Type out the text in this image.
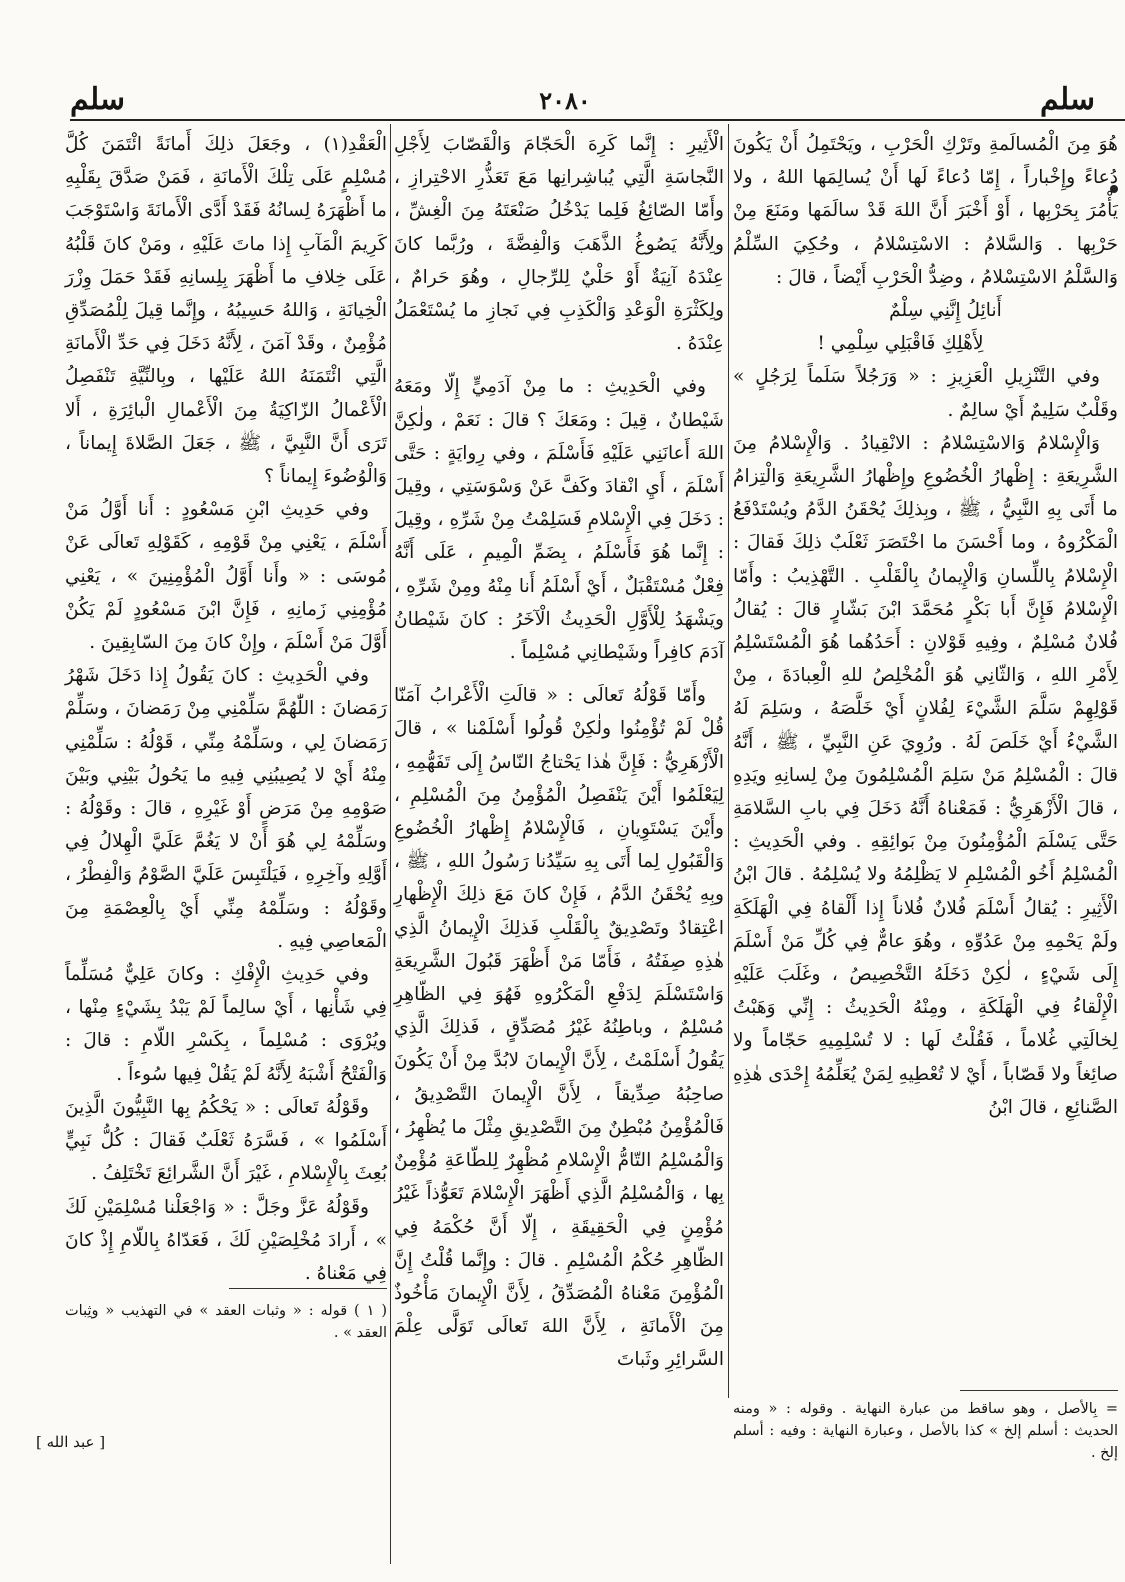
سلم
٢٠٨٠
سلم

هُوَ مِنَ الْمُسالَمةِ وتَرْكِ الْحَرْبِ ، ويَحْتَمِلُ أَنْ يَكُونَ دُعاءً وإِخْباراً ، إِمّا دُعاءً لَها أَنْ يُسالِمَها اللهُ ، ولا يَأْمُرَ بِحَرْبِها ، أَوْ أَخْبَرَ أَنَّ اللهَ قَدْ سالَمَها ومَنَعَ مِنْ حَرْبِها . وَالسَّلامُ : الاسْتِسْلامُ ، وحُكِيَ السِّلْمُ وَالسَّلْمُ الاسْتِسْلامُ ، وضِدُّ الْحَرْبِ أَيْضاً ، قالَ :

أَنائِلُ إِنَّنِي سِلْمٌ

لِأَهْلِكِ فَاقْبَلِي سِلْمِي !

وفي التَّنْزِيلِ الْعَزِيزِ : « وَرَجُلاً سَلَماً لِرَجُلٍ » وقَلْبٌ سَلِيمٌ أَيْ سالِمٌ .

وَالْإِسْلامُ وَالاسْتِسْلامُ : الانْقِيادُ . وَالْإِسْلامُ مِنَ الشَّرِيعَةِ : إِظْهارُ الْخُضُوعِ وإِظْهارُ الشَّرِيعَةِ وَالْتِزامُ ما أَتَى بِهِ النَّبِيُّ ، ﷺ ، وبِذلِكَ يُحْقَنُ الدَّمُ ويُسْتَدْفَعُ الْمَكْرُوهُ ، وما أَحْسَنَ ما اخْتَصَرَ ثَعْلَبٌ ذلِكَ فَقالَ : الْإِسْلامُ بِاللِّسانِ وَالْإِيمانُ بِالْقَلْبِ . التَّهْذِيبُ : وأَمّا الْإِسْلامُ فَإِنَّ أَبا بَكْرٍ مُحَمَّدَ ابْنَ بَشّارٍ قالَ : يُقالُ فُلانٌ مُسْلِمٌ ، وفِيهِ قَوْلانِ : أَحَدُهُما هُوَ الْمُسْتَسْلِمُ لِأَمْرِ اللهِ ، وَالثّانِي هُوَ الْمُخْلِصُ للهِ الْعِبادَةَ ، مِنْ قَوْلِهِمْ سَلَّمَ الشَّيْءَ لِفُلانٍ أَيْ خَلَّصَهُ ، وسَلِمَ لَهُ الشَّيْءُ أَيْ خَلَصَ لَهُ . ورُوِيَ عَنِ النَّبِيِّ ، ﷺ ، أَنَّهُ قالَ : الْمُسْلِمُ مَنْ سَلِمَ الْمُسْلِمُونَ مِنْ لِسانِهِ ويَدِهِ ، قالَ الْأَزْهَرِيُّ : فَمَعْناهُ أَنَّهُ دَخَلَ فِي بابِ السَّلامَةِ حَتَّى يَسْلَمَ الْمُؤْمِنُونَ مِنْ بَوائِقِهِ . وفي الْحَدِيثِ : الْمُسْلِمُ أَخُو الْمُسْلِمِ لا يَظْلِمُهُ ولا يُسْلِمُهُ . قالَ ابْنُ الْأَثِيرِ : يُقالُ أَسْلَمَ فُلانٌ فُلاناً إِذا أَلْقاهُ فِي الْهَلَكَةِ ولَمْ يَحْمِهِ مِنْ عَدُوِّهِ ، وهُوَ عامٌّ فِي كُلِّ مَنْ أَسْلَمَ إِلَى شَيْءٍ ، لٰكِنْ دَخَلَهُ التَّخْصِيصُ ، وغَلَبَ عَلَيْهِ الْإِلْقاءُ فِي الْهَلَكَةِ ، ومِنْهُ الْحَدِيثُ : إِنِّي وَهَبْتُ لِخالَتِي غُلاماً ، فَقُلْتُ لَها : لا تُسْلِمِيهِ حَجّاماً ولا صائِغاً ولا قَصّاباً ، أَيْ لا تُعْطِيهِ لِمَنْ يُعَلِّمُهُ إِحْدَى هٰذِهِ الصَّنائِعِ ، قالَ ابْنُ

الْأَثِيرِ : إِنَّما كَرِهَ الْحَجّامَ وَالْقَصّابَ لِأَجْلِ النَّجاسَةِ الَّتِي يُباشِرانِها مَعَ تَعَذُّرِ الاحْتِرازِ ، وأَمّا الصّائِغُ فَلِما يَدْخُلُ صَنْعَتَهُ مِنَ الْغِشِّ ، ولِأَنَّهُ يَصُوغُ الذَّهَبَ وَالْفِضَّةَ ، ورُبَّما كانَ عِنْدَهُ آنِيَةٌ أَوْ حَلْيٌ لِلرِّجالِ ، وهُوَ حَرامٌ ، ولِكَثْرَةِ الْوَعْدِ وَالْكَذِبِ فِي نَجازِ ما يُسْتَعْمَلُ عِنْدَهُ .

وفي الْحَدِيثِ : ما مِنْ آدَمِيٍّ إِلّا ومَعَهُ شَيْطانٌ ، قِيلَ : ومَعَكَ ؟ قالَ : نَعَمْ ، ولٰكِنَّ اللهَ أَعانَنِي عَلَيْهِ فَأَسْلَمَ ، وفي رِوايَةٍ : حَتَّى أَسْلَمَ ، أَيِ انْقادَ وكَفَّ عَنْ وَسْوَسَتِي ، وقِيلَ : دَخَلَ فِي الْإِسْلامِ فَسَلِمْتُ مِنْ شَرِّهِ ، وقِيلَ : إِنَّما هُوَ فَأَسْلَمُ ، بِضَمِّ الْمِيمِ ، عَلَى أَنَّهُ فِعْلٌ مُسْتَقْبَلٌ ، أَيْ أَسْلَمُ أَنا مِنْهُ ومِنْ شَرِّهِ ، ويَشْهَدُ لِلْأَوَّلِ الْحَدِيثُ الْآخَرُ : كانَ شَيْطانُ آدَمَ كافِراً وشَيْطانِي مُسْلِماً .

وأَمّا قَوْلُهُ تَعالَى : « قالَتِ الْأَعْرابُ آمَنّا قُلْ لَمْ تُؤْمِنُوا ولٰكِنْ قُولُوا أَسْلَمْنا » ، قالَ الْأَزْهَرِيُّ : فَإِنَّ هٰذا يَحْتاجُ النّاسُ إِلَى تَفَهُّمِهِ ، لِيَعْلَمُوا أَيْنَ يَنْفَصِلُ الْمُؤْمِنُ مِنَ الْمُسْلِمِ ، وأَيْنَ يَسْتَوِيانِ ، فَالْإِسْلامُ إِظْهارُ الْخُضُوعِ وَالْقَبُولِ لِما أَتَى بِهِ سَيِّدُنا رَسُولُ اللهِ ، ﷺ ، وبِهِ يُحْقَنُ الدَّمُ ، فَإِنْ كانَ مَعَ ذلِكَ الْإِظْهارِ اعْتِقادٌ وتَصْدِيقٌ بِالْقَلْبِ فَذلِكَ الْإِيمانُ الَّذِي هٰذِهِ صِفَتُهُ ، فَأَمّا مَنْ أَظْهَرَ قَبُولَ الشَّرِيعَةِ وَاسْتَسْلَمَ لِدَفْعِ الْمَكْرُوهِ فَهُوَ فِي الظّاهِرِ مُسْلِمٌ ، وباطِنُهُ غَيْرُ مُصَدِّقٍ ، فَذلِكَ الَّذِي يَقُولُ أَسْلَمْتُ ، لِأَنَّ الْإِيمانَ لابُدَّ مِنْ أَنْ يَكُونَ صاحِبُهُ صِدِّيقاً ، لِأَنَّ الْإِيمانَ التَّصْدِيقُ ، فَالْمُؤْمِنُ مُبْطِنٌ مِنَ التَّصْدِيقِ مِثْلَ ما يُظْهِرُ ، وَالْمُسْلِمُ التّامُّ الْإِسْلامِ مُظْهِرٌ لِلطّاعَةِ مُؤْمِنٌ بِها ، وَالْمُسْلِمُ الَّذِي أَظْهَرَ الْإِسْلامَ تَعَوُّذاً غَيْرُ مُؤْمِنٍ فِي الْحَقِيقَةِ ، إِلّا أَنَّ حُكْمَهُ فِي الظّاهِرِ حُكْمُ الْمُسْلِمِ . قالَ : وإِنَّما قُلْتُ إِنَّ الْمُؤْمِنَ مَعْناهُ الْمُصَدِّقُ ، لِأَنَّ الْإِيمانَ مَأْخُوذٌ مِنَ الْأَمانَةِ ، لِأَنَّ اللهَ تَعالَى تَوَلَّى عِلْمَ السَّرائِرِ وثَباتَ

الْعَقْدِ(١) ، وجَعَلَ ذلِكَ أَمانَةً ائْتَمَنَ كُلَّ مُسْلِمٍ عَلَى تِلْكَ الْأَمانَةِ ، فَمَنْ صَدَّقَ بِقَلْبِهِ ما أَظْهَرَهُ لِسانُهُ فَقَدْ أَدَّى الْأَمانَةَ وَاسْتَوْجَبَ كَرِيمَ الْمَآبِ إِذا ماتَ عَلَيْهِ ، ومَنْ كانَ قَلْبُهُ عَلَى خِلافِ ما أَظْهَرَ بِلِسانِهِ فَقَدْ حَمَلَ وِزْرَ الْخِيانَةِ ، وَاللهُ حَسِيبُهُ ، وإِنَّما قِيلَ لِلْمُصَدِّقِ مُؤْمِنٌ ، وقَدْ آمَنَ ، لِأَنَّهُ دَخَلَ فِي حَدِّ الْأَمانَةِ الَّتِي ائْتَمَنَهُ اللهُ عَلَيْها ، وبِالنِّيَّةِ تَنْفَصِلُ الْأَعْمالُ الزّاكِيَةُ مِنَ الْأَعْمالِ الْبائِرَةِ ، أَلا تَرَى أَنَّ النَّبِيَّ ، ﷺ ، جَعَلَ الصَّلاةَ إِيماناً ، وَالْوُضُوءَ إِيماناً ؟

وفي حَدِيثِ ابْنِ مَسْعُودٍ : أَنا أَوَّلُ مَنْ أَسْلَمَ ، يَعْنِي مِنْ قَوْمِهِ ، كَقَوْلِهِ تَعالَى عَنْ مُوسَى : « وأَنا أَوَّلُ الْمُؤْمِنِينَ » ، يَعْنِي مُؤْمِنِي زَمانِهِ ، فَإِنَّ ابْنَ مَسْعُودٍ لَمْ يَكُنْ أَوَّلَ مَنْ أَسْلَمَ ، وإِنْ كانَ مِنَ السّابِقِينَ .

وفي الْحَدِيثِ : كانَ يَقُولُ إِذا دَخَلَ شَهْرُ رَمَضانَ : اللّٰهُمَّ سَلِّمْنِي مِنْ رَمَضانَ ، وسَلِّمْ رَمَضانَ لِي ، وسَلِّمْهُ مِنِّي ، قَوْلُهُ : سَلِّمْنِي مِنْهُ أَيْ لا يُصِيبُنِي فِيهِ ما يَحُولُ بَيْنِي وبَيْنَ صَوْمِهِ مِنْ مَرَضٍ أَوْ غَيْرِهِ ، قالَ : وقَوْلُهُ : وسَلِّمْهُ لِي هُوَ أَنْ لا يَغُمَّ عَلَيَّ الْهِلالُ فِي أَوَّلِهِ وآخِرِهِ ، فَيَلْتَبِسَ عَلَيَّ الصَّوْمُ وَالْفِطْرُ ، وقَوْلُهُ : وسَلِّمْهُ مِنِّي أَيْ بِالْعِصْمَةِ مِنَ الْمَعاصِي فِيهِ .

وفي حَدِيثِ الْإِفْكِ : وكانَ عَلِيٌّ مُسَلِّماً فِي شَأْنِها ، أَيْ سالِماً لَمْ يَبْدُ بِشَيْءٍ مِنْها ، ويُرْوَى : مُسْلِماً ، بِكَسْرِ اللّامِ : قالَ : وَالْفَتْحُ أَشْبَهُ لِأَنَّهُ لَمْ يَقُلْ فِيها سُوءاً .

وقَوْلُهُ تَعالَى : « يَحْكُمُ بِها النَّبِيُّونَ الَّذِينَ أَسْلَمُوا » ، فَسَّرَهُ ثَعْلَبٌ فَقالَ : كُلُّ نَبِيٍّ بُعِثَ بِالْإِسْلامِ ، غَيْرَ أَنَّ الشَّرائِعَ تَخْتَلِفُ .

وقَوْلُهُ عَزَّ وجَلَّ : « وَاجْعَلْنا مُسْلِمَيْنِ لَكَ » ، أَرادَ مُخْلِصَيْنِ لَكَ ، فَعَدّاهُ بِاللّامِ إِذْ كانَ فِي مَعْناهُ .

= بِالأصل ، وهو ساقط من عبارة النهاية . وقوله : « ومنه الحديث : أسلم إلخ » كذا بالأصل ، وعبارة النهاية : وفيه : أسلم إلخ .

( ١ ) قوله : « وثبات العقد » في التهذيب « وثِبات العقد » .

[ عبد الله ]
